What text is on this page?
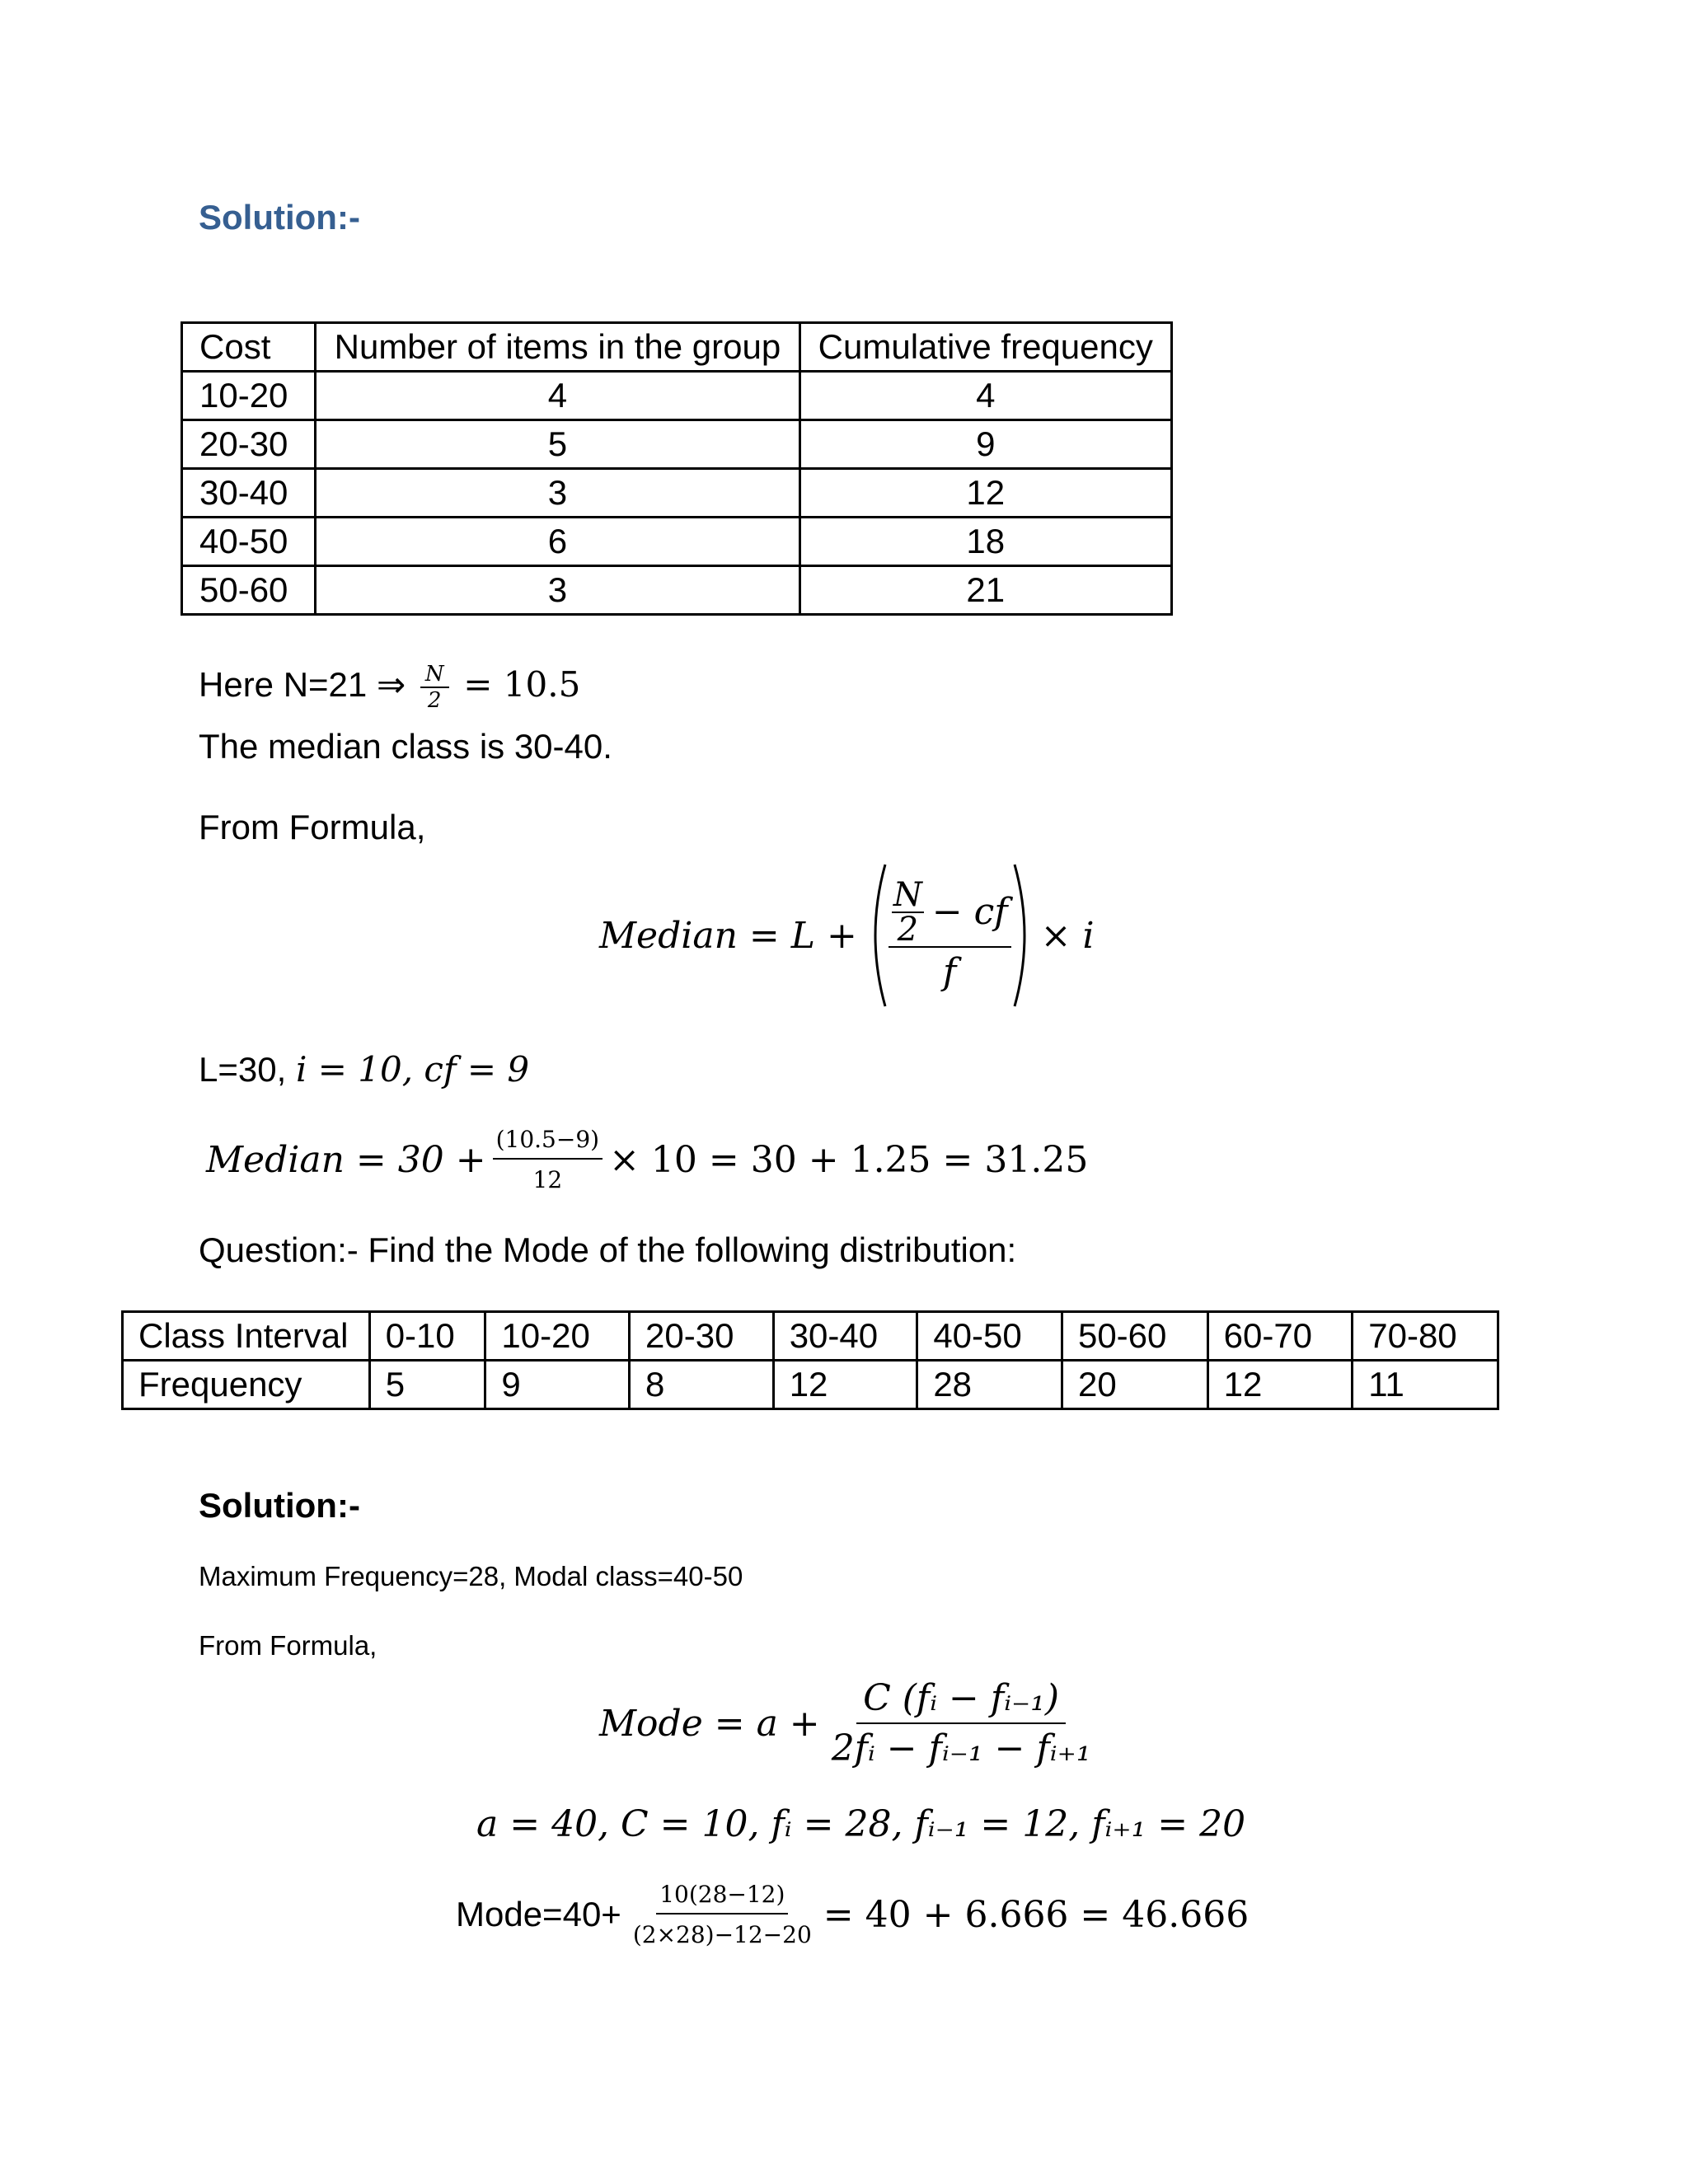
Solution:-
Cost	Number of items in the group	Cumulative frequency
10-20	4	4
20-30	5	9
30-40	3	12
40-50	6	18
50-60	3	21
Here N=21 ⇒ $\frac{N}{2} = 10.5$
The median class is 30-40.
From Formula,
Median = $L + \frac{N}{2}$ − cf
f
× i
L=30, i = 10, cf = 9
Median = $30 + \frac{(10.5-9)}{12} \times 10 = 30 + 1.25 = 31.25$
Question:- Find the Mode of the following distribution:
Class Interval	0-10	10-20	20-30	30-40	40-50	50-60	60-70	70-80
Frequency	5	9	8	12	28	20	12	11
Solution:-
Maximum Frequency=28, Modal class=40-50
From Formula,
Mode = $a + \frac{\text{C (fᵢ − fᵢ₋₁)}}{\text{2fᵢ − fᵢ₋₁ − fᵢ₊₁}}$
a = 40, C = 10, fᵢ = 28, fᵢ₋₁ = 12, fᵢ₊₁ = 20
Mode=40+ $\frac{10(28-12)}{(2\times 28)-12-20} = 40 + 6.666 = 46.666$
